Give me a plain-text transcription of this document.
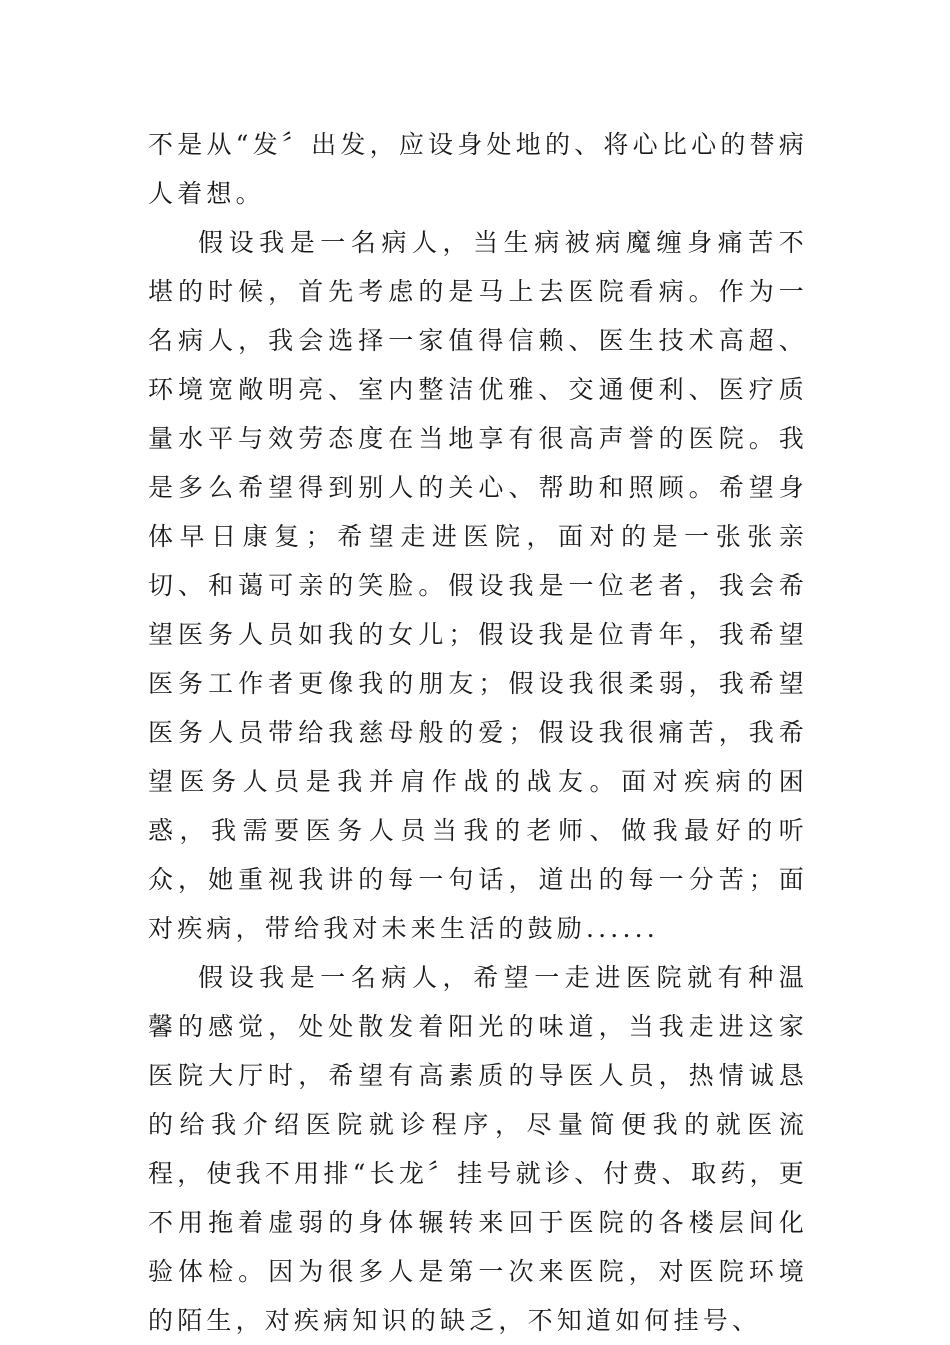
不是从“发〞出发，应设身处地的、将心比心的替病人着想。

假设我是一名病人，当生病被病魔缠身痛苦不堪的时候，首先考虑的是马上去医院看病。作为一名病人，我会选择一家值得信赖、医生技术高超、环境宽敞明亮、室内整洁优雅、交通便利、医疗质量水平与效劳态度在当地享有很高声誉的医院。我是多么希望得到别人的关心、帮助和照顾。希望身体早日康复；希望走进医院，面对的是一张张亲切、和蔼可亲的笑脸。假设我是一位老者，我会希望医务人员如我的女儿；假设我是位青年，我希望医务工作者更像我的朋友；假设我很柔弱，我希望医务人员带给我慈母般的爱；假设我很痛苦，我希望医务人员是我并肩作战的战友。面对疾病的困惑，我需要医务人员当我的老师、做我最好的听众，她重视我讲的每一句话，道出的每一分苦；面对疾病，带给我对未来生活的鼓励......

假设我是一名病人，希望一走进医院就有种温馨的感觉，处处散发着阳光的味道，当我走进这家医院大厅时，希望有高素质的导医人员，热情诚恳的给我介绍医院就诊程序，尽量简便我的就医流程，使我不用排“长龙〞挂号就诊、付费、取药，更不用拖着虚弱的身体辗转来回于医院的各楼层间化验体检。因为很多人是第一次来医院，对医院环境的陌生，对疾病知识的缺乏，不知道如何挂号、
